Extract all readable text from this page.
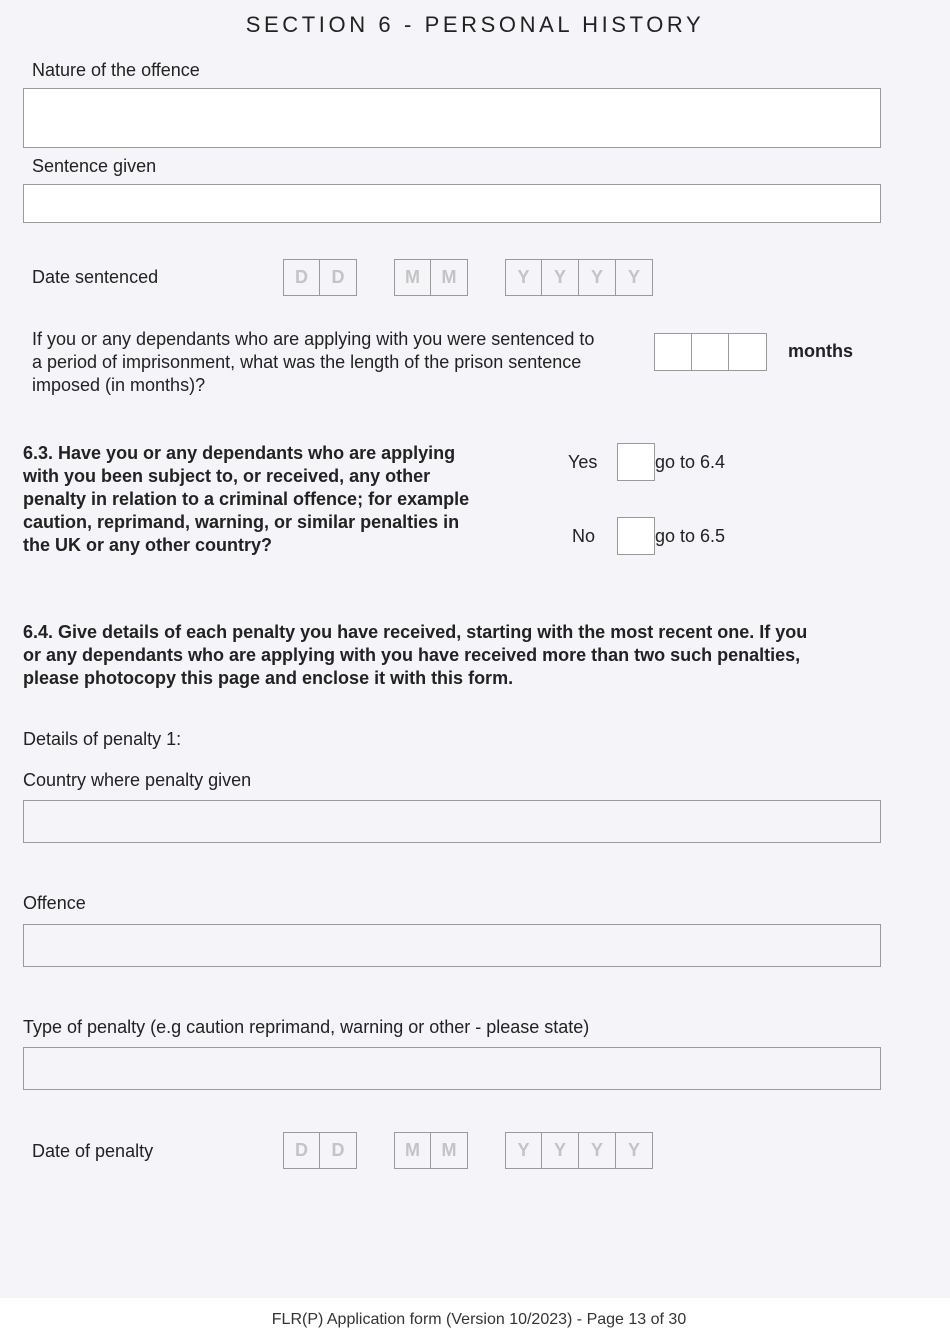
SECTION 6 - PERSONAL HISTORY
Nature of the offence
Sentence given
Date sentenced	D	D	M	M	Y	Y	Y	Y
If you or any dependants who are applying with you were sentenced to
a period of imprisonment, what was the length of the prison sentence
imposed (in months)?
months
6.3. Have you or any dependants who are applying
with you been subject to, or received, any other
penalty in relation to a criminal offence; for example
caution, reprimand, warning, or similar penalties in
the UK or any other country?
Yes	go to 6.4
No	go to 6.5
6.4. Give details of each penalty you have received, starting with the most recent one. If you
or any dependants who are applying with you have received more than two such penalties,
please photocopy this page and enclose it with this form.
Details of penalty 1:
Country where penalty given
Offence
Type of penalty (e.g caution reprimand, warning or other - please state)
Date of penalty	D	D	M	M	Y	Y	Y	Y
FLR(P) Application form (Version 10/2023) - Page 13 of 30
